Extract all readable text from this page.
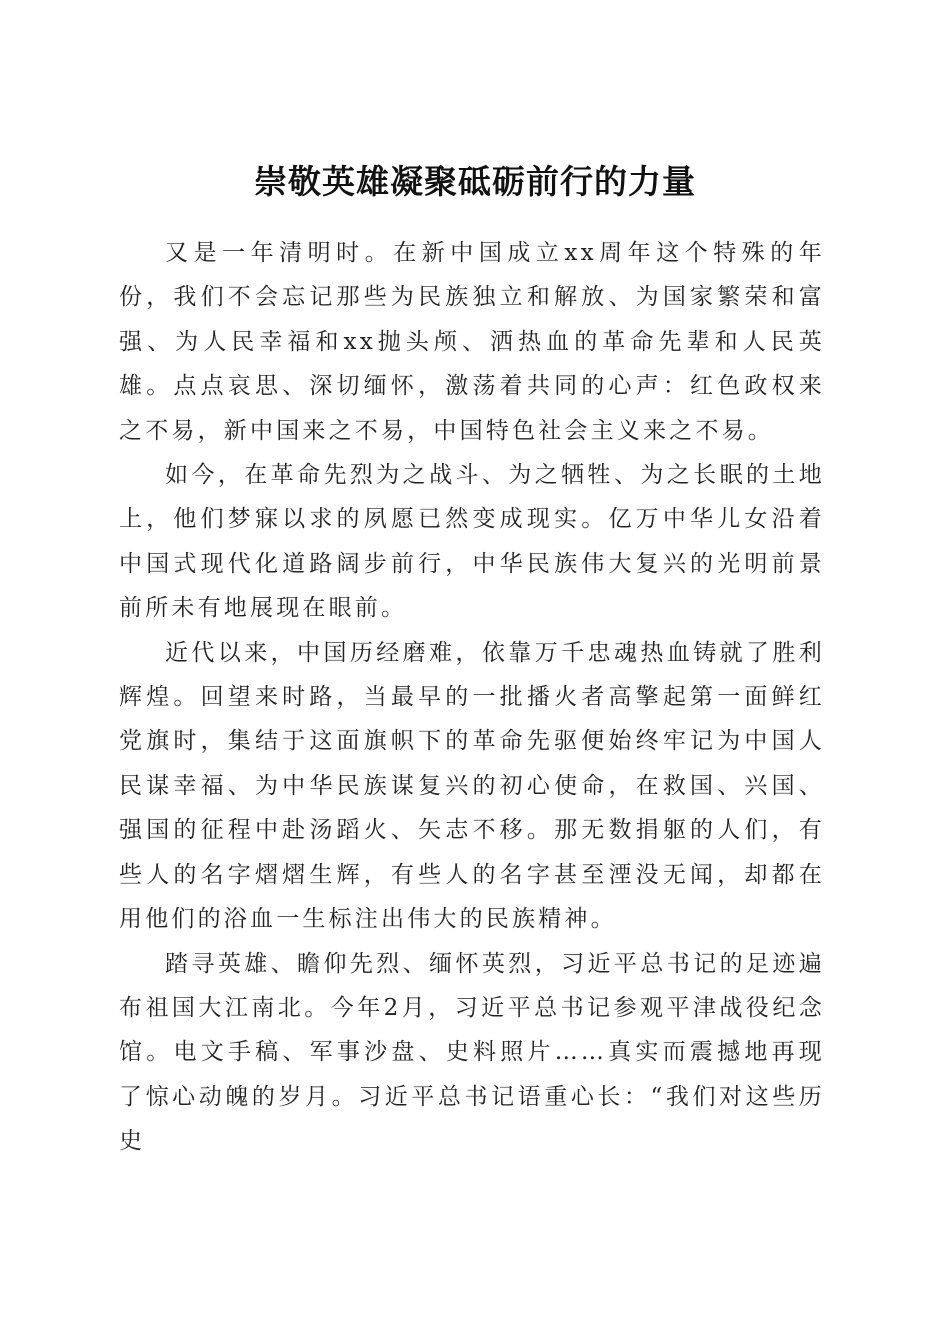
崇敬英雄凝聚砥砺前行的力量

又是一年清明时。在新中国成立xx周年这个特殊的年份，我们不会忘记那些为民族独立和解放、为国家繁荣和富强、为人民幸福和xx抛头颅、洒热血的革命先辈和人民英雄。点点哀思、深切缅怀，激荡着共同的心声：红色政权来之不易，新中国来之不易，中国特色社会主义来之不易。

如今，在革命先烈为之战斗、为之牺牲、为之长眠的土地上，他们梦寐以求的夙愿已然变成现实。亿万中华儿女沿着中国式现代化道路阔步前行，中华民族伟大复兴的光明前景前所未有地展现在眼前。

近代以来，中国历经磨难，依靠万千忠魂热血铸就了胜利辉煌。回望来时路，当最早的一批播火者高擎起第一面鲜红党旗时，集结于这面旗帜下的革命先驱便始终牢记为中国人民谋幸福、为中华民族谋复兴的初心使命，在救国、兴国、强国的征程中赴汤蹈火、矢志不移。那无数捐躯的人们，有些人的名字熠熠生辉，有些人的名字甚至湮没无闻，却都在用他们的浴血一生标注出伟大的民族精神。

踏寻英雄、瞻仰先烈、缅怀英烈，习近平总书记的足迹遍布祖国大江南北。今年2月，习近平总书记参观平津战役纪念馆。电文手稿、军事沙盘、史料照片……真实而震撼地再现了惊心动魄的岁月。习近平总书记语重心长：“我们对这些历史
